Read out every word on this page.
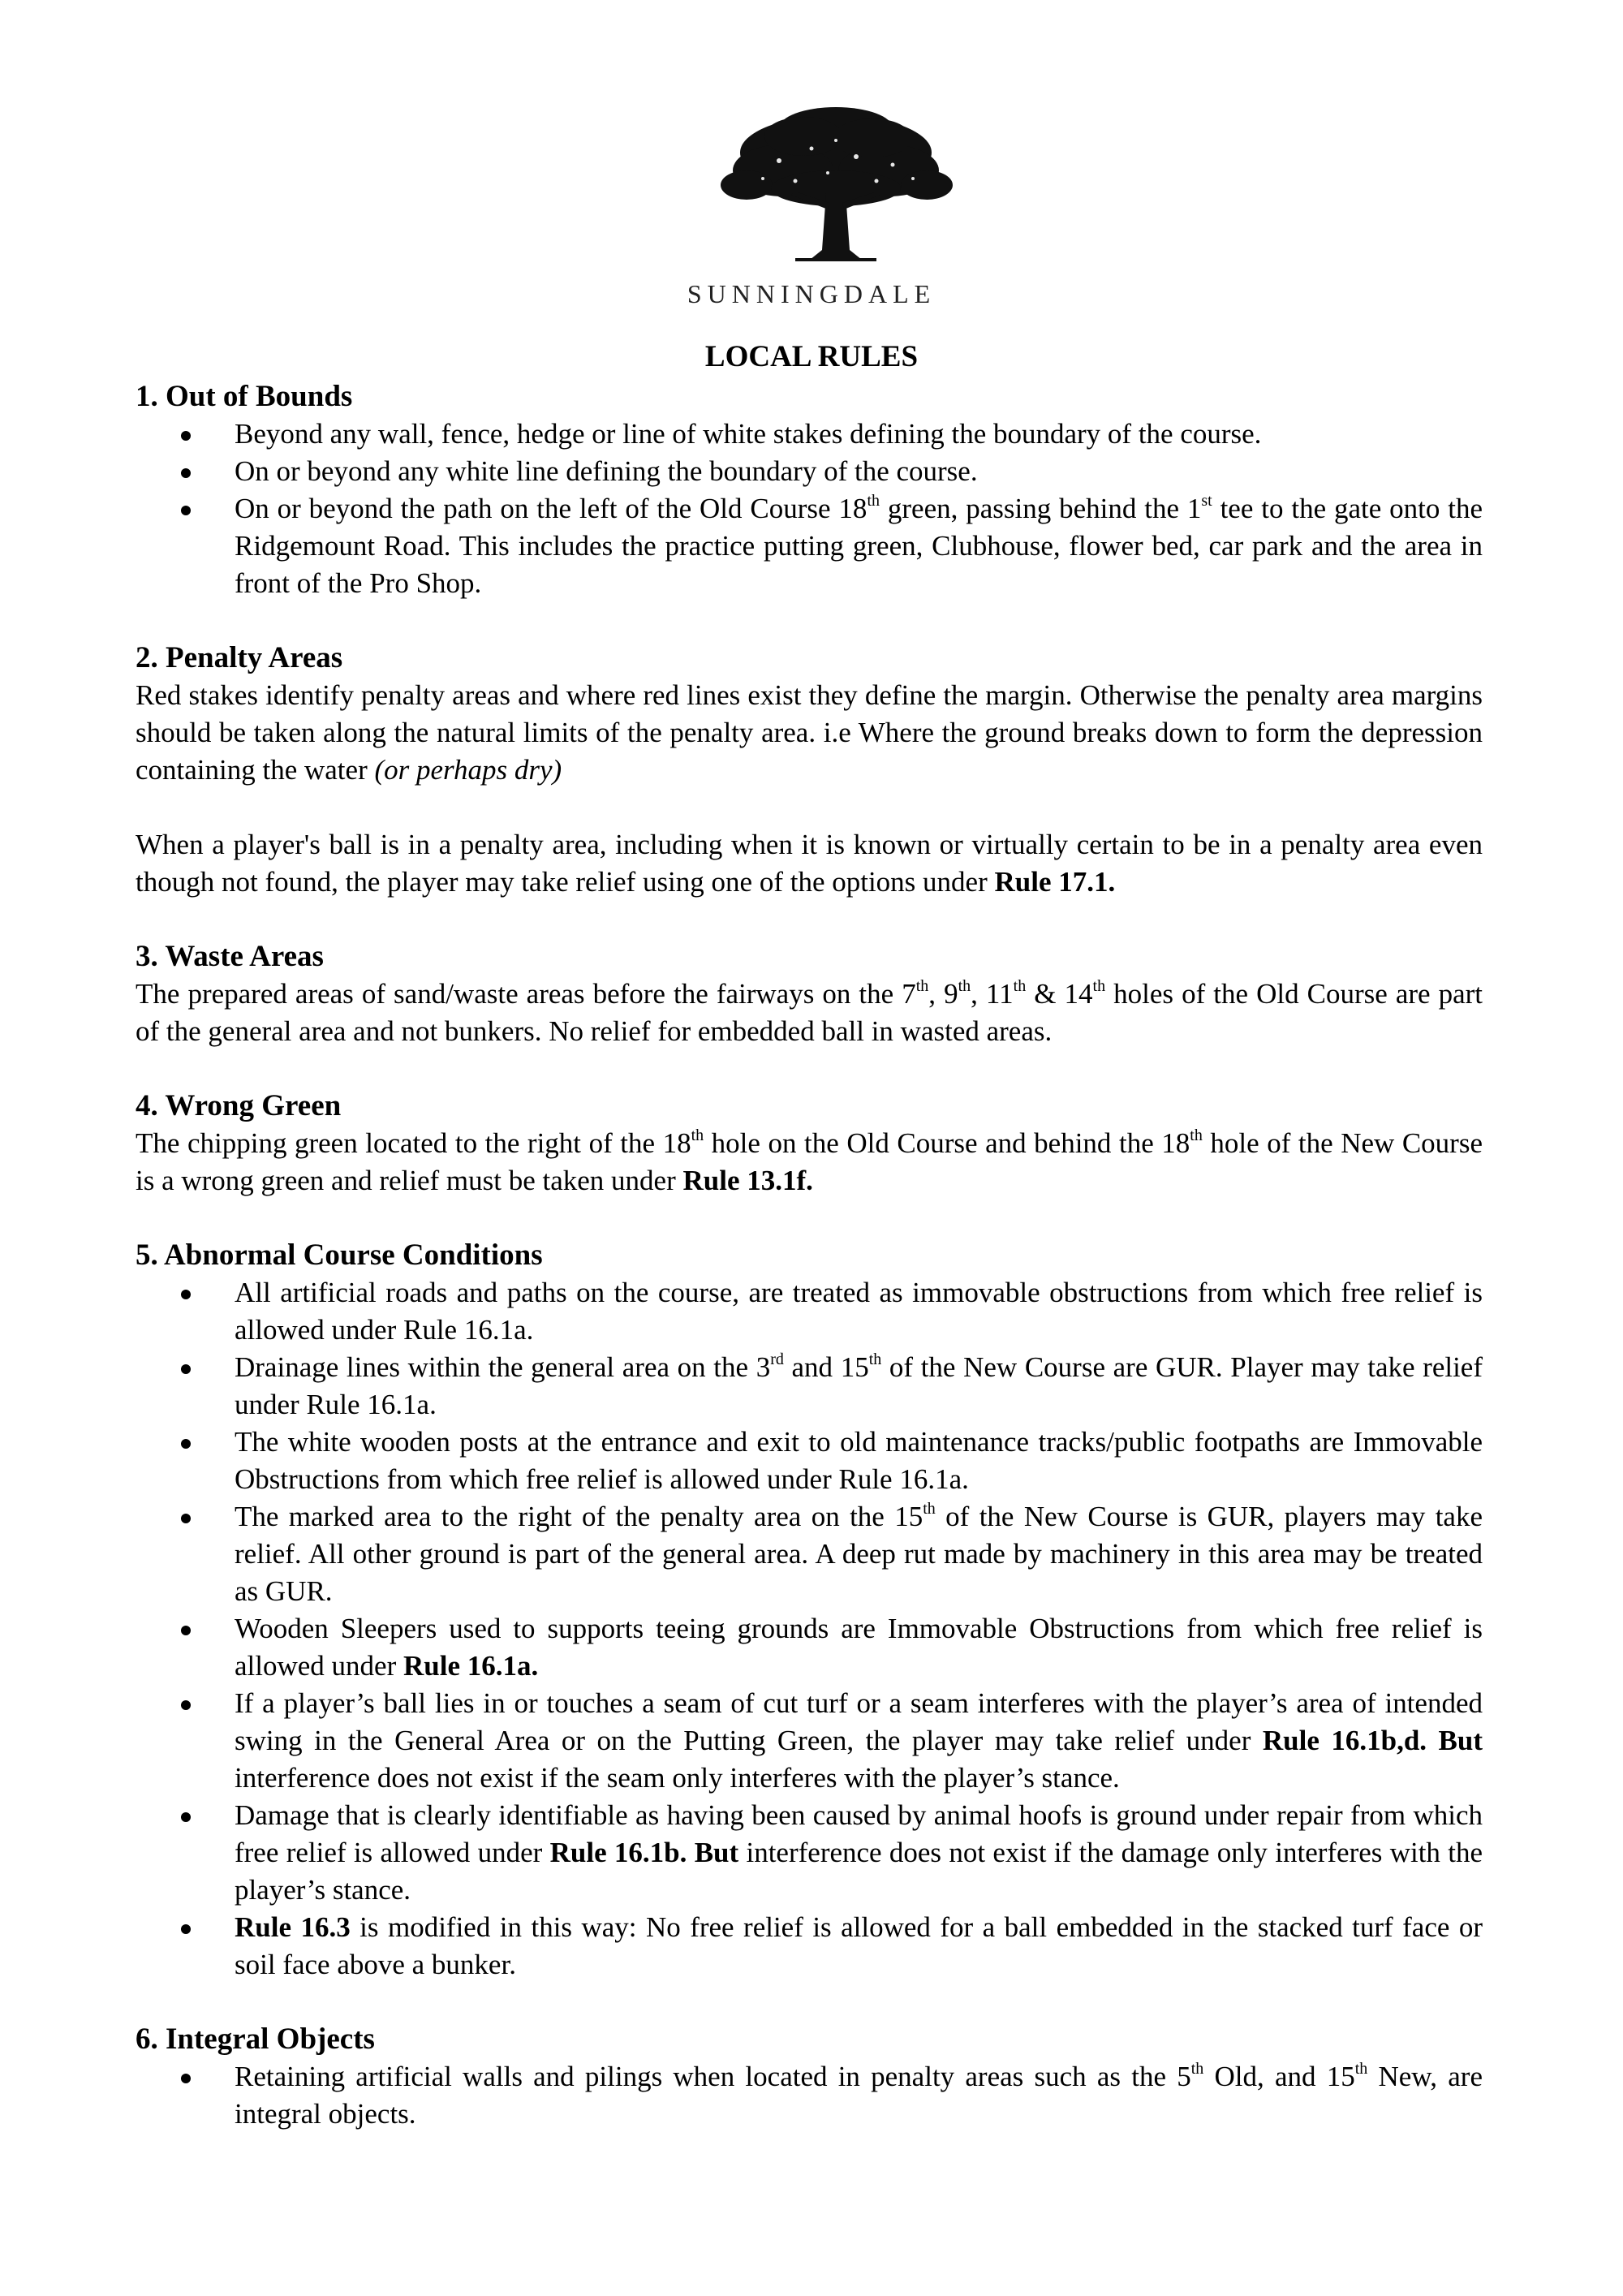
SUNNINGDALE
LOCAL RULES

1. Out of Bounds

Beyond any wall, fence, hedge or line of white stakes defining the boundary of the course.
On or beyond any white line defining the boundary of the course.
On or beyond the path on the left of the Old Course 18th green, passing behind the 1st tee to the gate onto the Ridgemount Road. This includes the practice putting green, Clubhouse, flower bed, car park and the area in front of the Pro Shop.

2. Penalty Areas

Red stakes identify penalty areas and where red lines exist they define the margin. Otherwise the penalty area margins should be taken along the natural limits of the penalty area. i.e Where the ground breaks down to form the depression containing the water (or perhaps dry)

When a player's ball is in a penalty area, including when it is known or virtually certain to be in a penalty area even though not found, the player may take relief using one of the options under Rule 17.1.

3. Waste Areas

The prepared areas of sand/waste areas before the fairways on the 7th, 9th, 11th & 14th holes of the Old Course are part of the general area and not bunkers. No relief for embedded ball in wasted areas.

4. Wrong Green

The chipping green located to the right of the 18th hole on the Old Course and behind the 18th hole of the New Course is a wrong green and relief must be taken under Rule 13.1f.

5. Abnormal Course Conditions

All artificial roads and paths on the course, are treated as immovable obstructions from which free relief is allowed under Rule 16.1a.
Drainage lines within the general area on the 3rd and 15th of the New Course are GUR. Player may take relief under Rule 16.1a.
The white wooden posts at the entrance and exit to old maintenance tracks/public footpaths are Immovable Obstructions from which free relief is allowed under Rule 16.1a.
The marked area to the right of the penalty area on the 15th of the New Course is GUR, players may take relief. All other ground is part of the general area. A deep rut made by machinery in this area may be treated as GUR.
Wooden Sleepers used to supports teeing grounds are Immovable Obstructions from which free relief is allowed under Rule 16.1a.
If a player’s ball lies in or touches a seam of cut turf or a seam interferes with the player’s area of intended swing in the General Area or on the Putting Green, the player may take relief under Rule 16.1b,d. But interference does not exist if the seam only interferes with the player’s stance.
Damage that is clearly identifiable as having been caused by animal hoofs is ground under repair from which free relief is allowed under Rule 16.1b. But interference does not exist if the damage only interferes with the player’s stance.
Rule 16.3 is modified in this way: No free relief is allowed for a ball embedded in the stacked turf face or soil face above a bunker.

6. Integral Objects

Retaining artificial walls and pilings when located in penalty areas such as the 5th Old, and 15th New, are integral objects.
